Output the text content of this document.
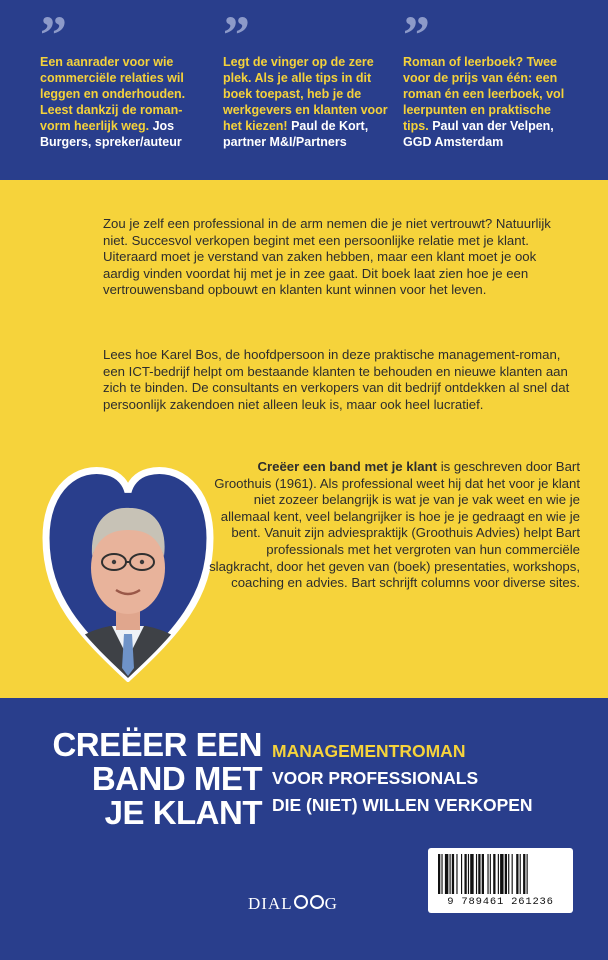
”
Een aanrader voor wie commerciële relaties wil leggen en onderhouden. Leest dankzij de roman-vorm heerlijk weg. Jos Burgers, spreker/auteur
”
Legt de vinger op de zere plek. Als je alle tips in dit boek toepast, heb je de werkgevers en klanten voor het kiezen! Paul de Kort, partner M&I/Partners
”
Roman of leerboek? Twee voor de prijs van één: een roman én een leerboek, vol leerpunten en praktische tips. Paul van der Velpen, GGD Amsterdam
Zou je zelf een professional in de arm nemen die je niet vertrouwt? Natuurlijk niet. Succesvol verkopen begint met een persoonlijke relatie met je klant. Uiteraard moet je verstand van zaken hebben, maar een klant moet je ook aardig vinden voordat hij met je in zee gaat. Dit boek laat zien hoe je een vertrouwensband opbouwt en klanten kunt winnen voor het leven.
Lees hoe Karel Bos, de hoofdpersoon in deze praktische management-roman, een ICT-bedrijf helpt om bestaande klanten te behouden en nieuwe klanten aan zich te binden. De consultants en verkopers van dit bedrijf ontdekken al snel dat persoonlijk zakendoen niet alleen leuk is, maar ook heel lucratief.
Creëer een band met je klant is geschreven door Bart Groothuis (1961). Als professional weet hij dat het voor je klant niet zozeer belangrijk is wat je van je vak weet en wie je allemaal kent, veel belangrijker is hoe je je gedraagt en wie je bent. Vanuit zijn adviespraktijk (Groothuis Advies) helpt Bart professionals met het vergroten van hun commerciële slagkracht, door het geven van (boek) presentaties, workshops, coaching en advies. Bart schrijft columns voor diverse sites.
CREËER EEN
BAND MET
JE KLANT
MANAGEMENTROMAN
VOOR PROFESSIONALS
DIE (NIET) WILLEN VERKOPEN
DIAL G	9 789461 261236
